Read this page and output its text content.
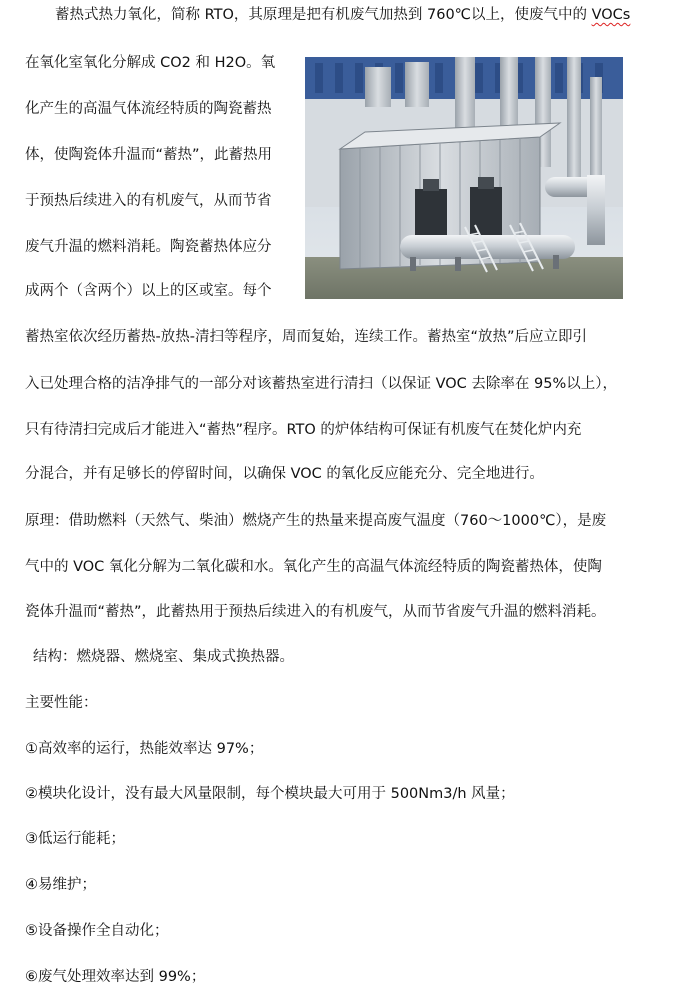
蓄热式热力氧化，简称 RTO，其原理是把有机废气加热到 760℃以上，使废气中的 VOCs
在氧化室氧化分解成 CO2 和 H2O。氧
化产生的高温气体流经特质的陶瓷蓄热
体，使陶瓷体升温而“蓄热”，此蓄热用
于预热后续进入的有机废气，从而节省
废气升温的燃料消耗。陶瓷蓄热体应分
成两个（含两个）以上的区或室。每个
蓄热室依次经历蓄热-放热-清扫等程序，周而复始，连续工作。蓄热室“放热”后应立即引
入已处理合格的洁净排气的一部分对该蓄热室进行清扫（以保证 VOC 去除率在 95%以上），
只有待清扫完成后才能进入“蓄热”程序。RTO 的炉体结构可保证有机废气在焚化炉内充
分混合，并有足够长的停留时间，以确保 VOC 的氧化反应能充分、完全地进行。
原理：借助燃料（天然气、柴油）燃烧产生的热量来提高废气温度（760～1000℃），是废
气中的 VOC 氧化分解为二氧化碳和水。氧化产生的高温气体流经特质的陶瓷蓄热体，使陶
瓷体升温而“蓄热”，此蓄热用于预热后续进入的有机废气，从而节省废气升温的燃料消耗。
结构：燃烧器、燃烧室、集成式换热器。
主要性能：
①高效率的运行，热能效率达 97%；
②模块化设计，没有最大风量限制，每个模块最大可用于 500Nm3/h 风量；
③低运行能耗；
④易维护；
⑤设备操作全自动化；
⑥废气处理效率达到 99%；
